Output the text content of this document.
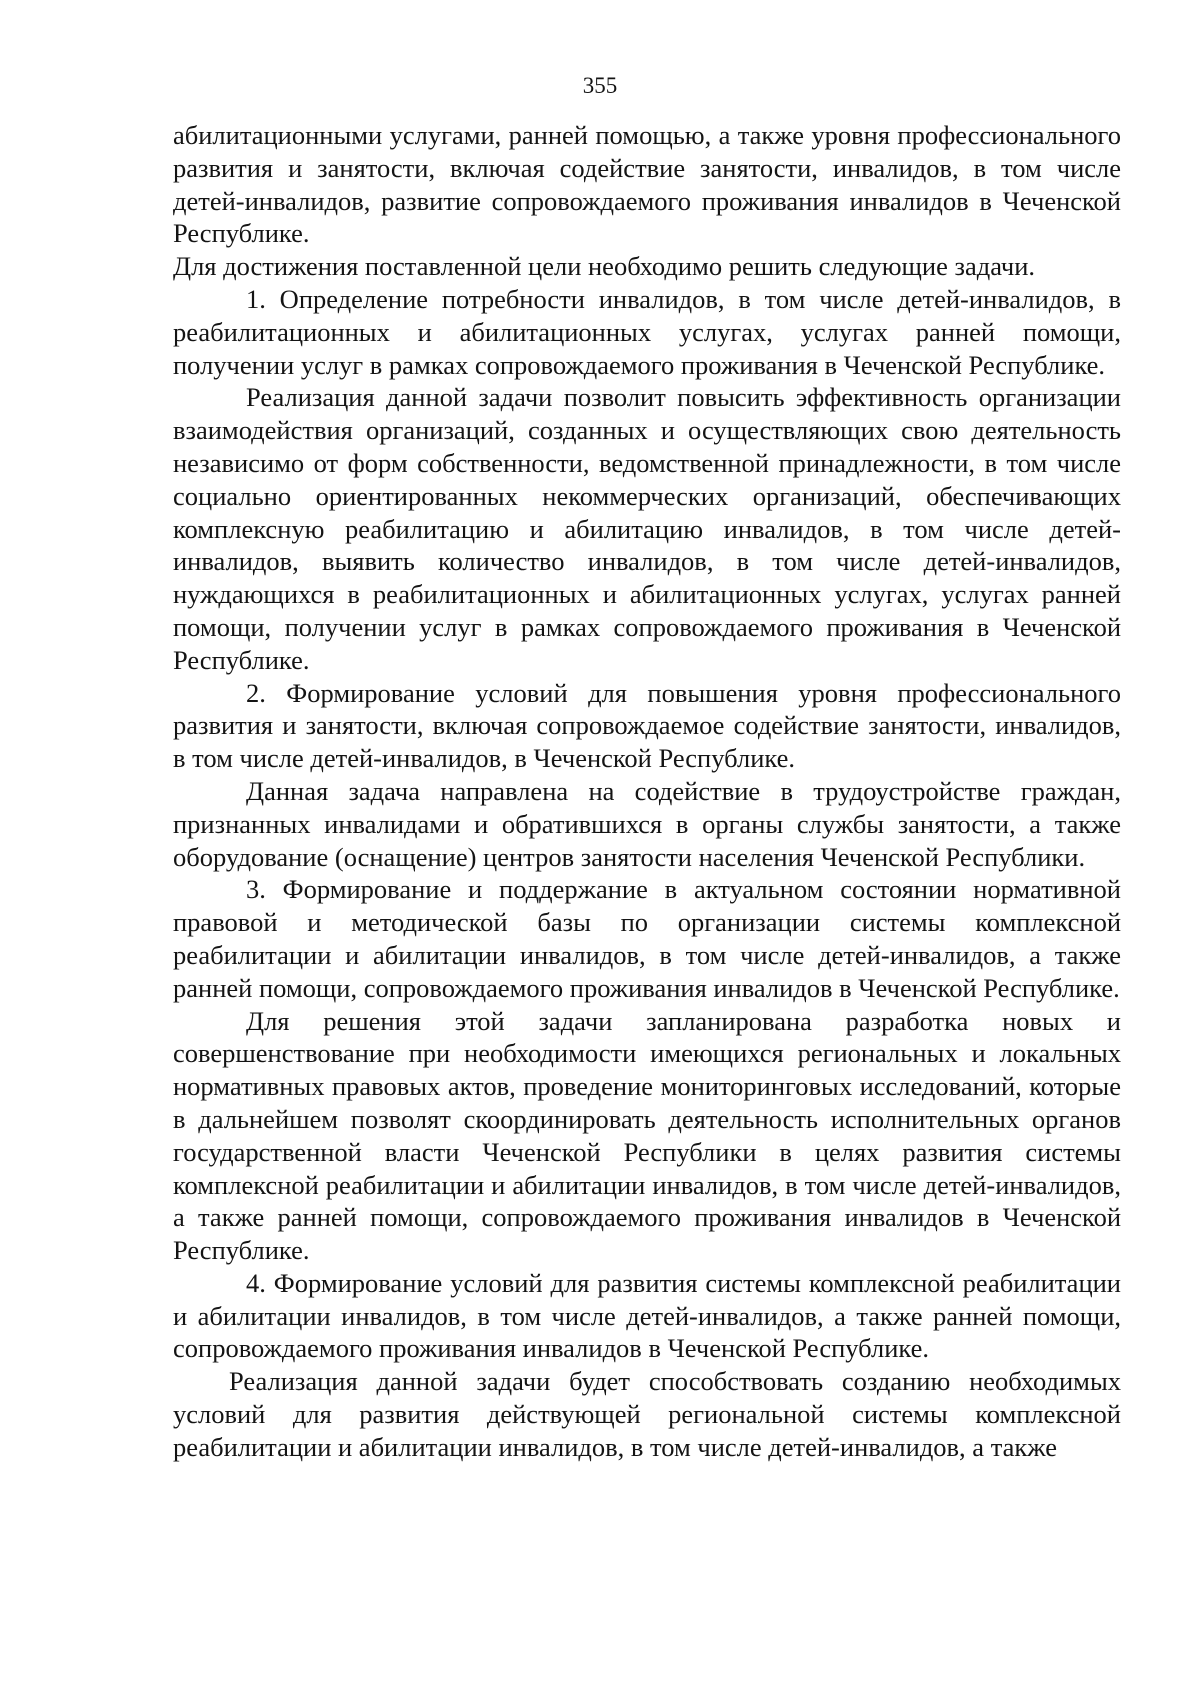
355

абилитационными услугами, ранней помощью, а также уровня профессионального развития и занятости, включая содействие занятости, инвалидов, в том числе детей-инвалидов, развитие сопровождаемого проживания инвалидов в Чеченской Республике.

Для достижения поставленной цели необходимо решить следующие задачи.

1. Определение потребности инвалидов, в том числе детей-инвалидов, в реабилитационных и абилитационных услугах, услугах ранней помощи, получении услуг в рамках сопровождаемого проживания в Чеченской Республике.

Реализация данной задачи позволит повысить эффективность организации взаимодействия организаций, созданных и осуществляющих свою деятельность независимо от форм собственности, ведомственной принадлежности, в том числе социально ориентированных некоммерческих организаций, обеспечивающих комплексную реабилитацию и абилитацию инвалидов, в том числе детей-инвалидов, выявить количество инвалидов, в том числе детей-инвалидов, нуждающихся в реабилитационных и абилитационных услугах, услугах ранней помощи, получении услуг в рамках сопровождаемого проживания в Чеченской Республике.

2. Формирование условий для повышения уровня профессионального развития и занятости, включая сопровождаемое содействие занятости, инвалидов, в том числе детей-инвалидов, в Чеченской Республике.

Данная задача направлена на содействие в трудоустройстве граждан, признанных инвалидами и обратившихся в органы службы занятости, а также оборудование (оснащение) центров занятости населения Чеченской Республики.

3. Формирование и поддержание в актуальном состоянии нормативной правовой и методической базы по организации системы комплексной реабилитации и абилитации инвалидов, в том числе детей-инвалидов, а также ранней помощи, сопровождаемого проживания инвалидов в Чеченской Республике.

Для решения этой задачи запланирована разработка новых и совершенствование при необходимости имеющихся региональных и локальных нормативных правовых актов, проведение мониторинговых исследований, которые в дальнейшем позволят скоординировать деятельность исполнительных органов государственной власти Чеченской Республики в целях развития системы комплексной реабилитации и абилитации инвалидов, в том числе детей-инвалидов, а также ранней помощи, сопровождаемого проживания инвалидов в Чеченской Республике.

4. Формирование условий для развития системы комплексной реабилитации и абилитации инвалидов, в том числе детей-инвалидов, а также ранней помощи, сопровождаемого проживания инвалидов в Чеченской Республике.

Реализация данной задачи будет способствовать созданию необходимых условий для развития действующей региональной системы комплексной реабилитации и абилитации инвалидов, в том числе детей-инвалидов, а также
